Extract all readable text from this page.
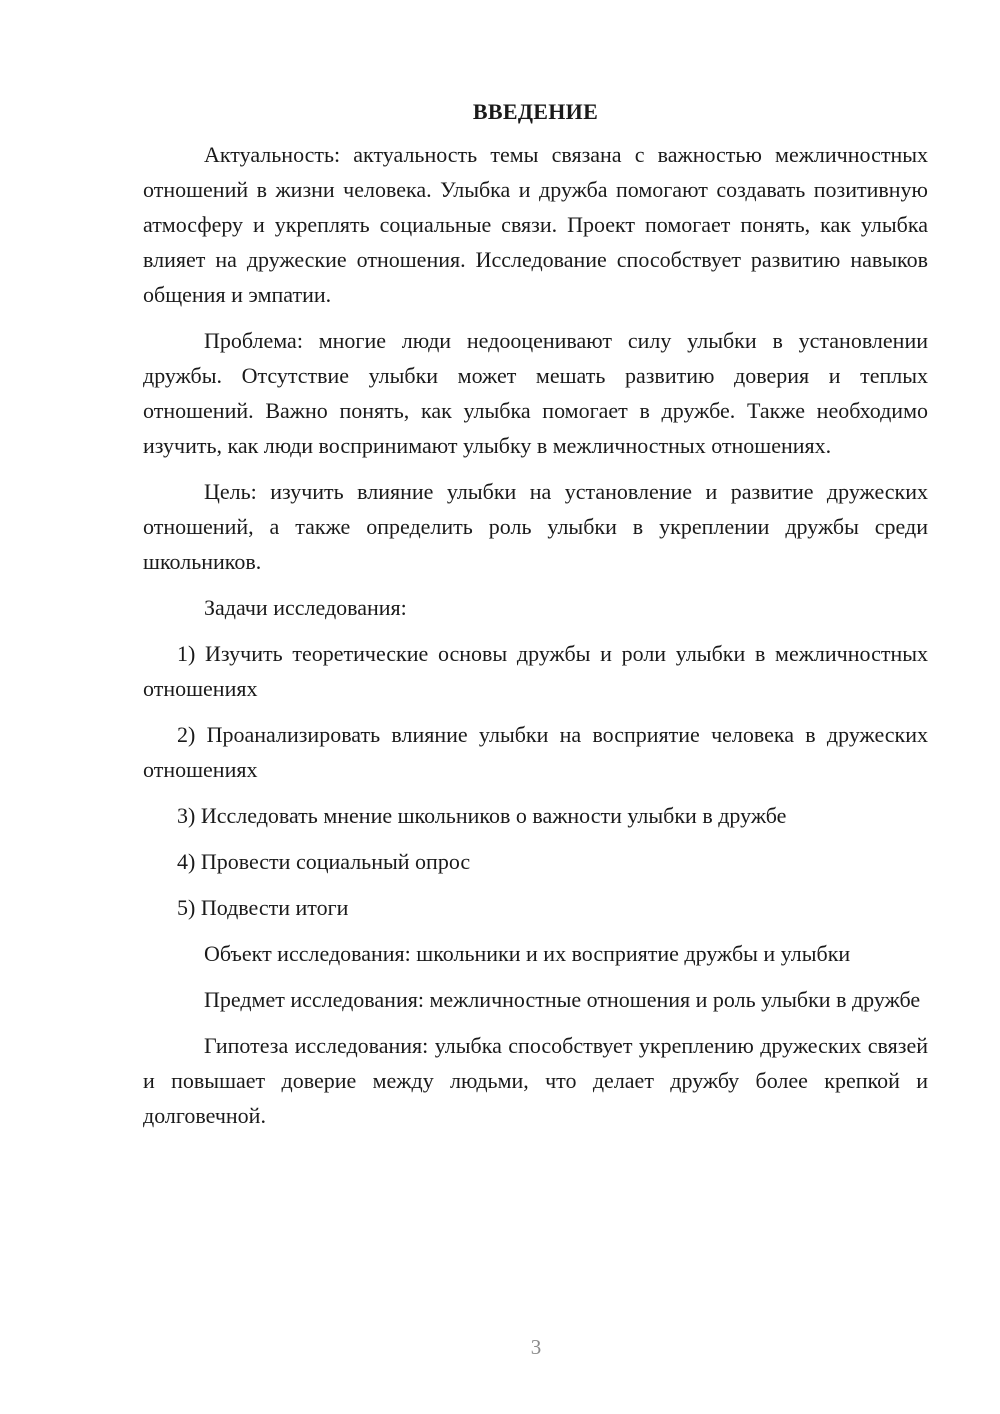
ВВЕДЕНИЕ

Актуальность: актуальность темы связана с важностью межличностных отношений в жизни человека. Улыбка и дружба помогают создавать позитивную атмосферу и укреплять социальные связи. Проект помогает понять, как улыбка влияет на дружеские отношения. Исследование способствует развитию навыков общения и эмпатии.

Проблема: многие люди недооценивают силу улыбки в установлении дружбы. Отсутствие улыбки может мешать развитию доверия и теплых отношений. Важно понять, как улыбка помогает в дружбе. Также необходимо изучить, как люди воспринимают улыбку в межличностных отношениях.

Цель: изучить влияние улыбки на установление и развитие дружеских отношений, а также определить роль улыбки в укреплении дружбы среди школьников.

Задачи исследования:

1) Изучить теоретические основы дружбы и роли улыбки в межличностных отношениях

2) Проанализировать влияние улыбки на восприятие человека в дружеских отношениях

3) Исследовать мнение школьников о важности улыбки в дружбе

4) Провести социальный опрос

5) Подвести итоги

Объект исследования: школьники и их восприятие дружбы и улыбки

Предмет исследования: межличностные отношения и роль улыбки в дружбе

Гипотеза исследования: улыбка способствует укреплению дружеских связей и повышает доверие между людьми, что делает дружбу более крепкой и долговечной.

3
